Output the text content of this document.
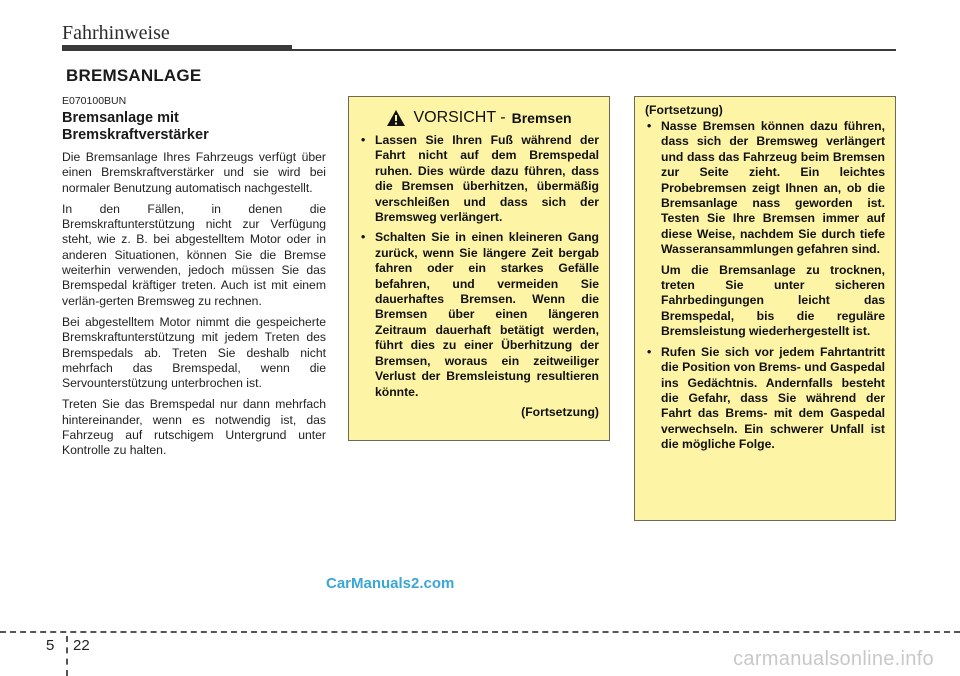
Fahrhinweise
BREMSANLAGE
E070100BUN
Bremsanlage mit
Bremskraftverstärker

Die Bremsanlage Ihres Fahrzeugs verfügt über einen Bremskraftverstärker und sie wird bei normaler Benutzung automatisch nachgestellt.

In den Fällen, in denen die Bremskraftunterstützung nicht zur Verfügung steht, wie z. B. bei abgestelltem Motor oder in anderen Situationen, können Sie die Bremse weiterhin verwenden, jedoch müssen Sie das Bremspedal kräftiger treten. Auch ist mit einem verlän-gerten Bremsweg zu rechnen.

Bei abgestelltem Motor nimmt die gespeicherte Bremskraftunterstützung mit jedem Treten des Bremspedals ab. Treten Sie deshalb nicht mehrfach das Bremspedal, wenn die Servounterstützung unterbrochen ist.

Treten Sie das Bremspedal nur dann mehrfach hintereinander, wenn es notwendig ist, das Fahrzeug auf rutschigem Untergrund unter Kontrolle zu halten.

VORSICHT - Bremsen
• Lassen Sie Ihren Fuß während der Fahrt nicht auf dem Bremspedal ruhen. Dies würde dazu führen, dass die Bremsen überhitzen, übermäßig verschleißen und dass sich der Bremsweg verlängert.
• Schalten Sie in einen kleineren Gang zurück, wenn Sie längere Zeit bergab fahren oder ein starkes Gefälle befahren, und vermeiden Sie dauerhaftes Bremsen. Wenn die Bremsen über einen längeren Zeitraum dauerhaft betätigt werden, führt dies zu einer Überhitzung der Bremsen, woraus ein zeitweiliger Verlust der Bremsleistung resultieren könnte.
(Fortsetzung)
(Fortsetzung)
• Nasse Bremsen können dazu führen, dass sich der Bremsweg verlängert und dass das Fahrzeug beim Bremsen zur Seite zieht. Ein leichtes Probebremsen zeigt Ihnen an, ob die Bremsanlage nass geworden ist. Testen Sie Ihre Bremsen immer auf diese Weise, nachdem Sie durch tiefe Wasseransammlungen gefahren sind.
Um die Bremsanlage zu trocknen, treten Sie unter sicheren Fahrbedingungen leicht das Bremspedal, bis die reguläre Bremsleistung wiederhergestellt ist.
• Rufen Sie sich vor jedem Fahrtantritt die Position von Brems- und Gaspedal ins Gedächtnis. Andernfalls besteht die Gefahr, dass Sie während der Fahrt das Brems- mit dem Gaspedal verwechseln. Ein schwerer Unfall ist die mögliche Folge.
CarManuals2.com
5 22
carmanualsonline.info
